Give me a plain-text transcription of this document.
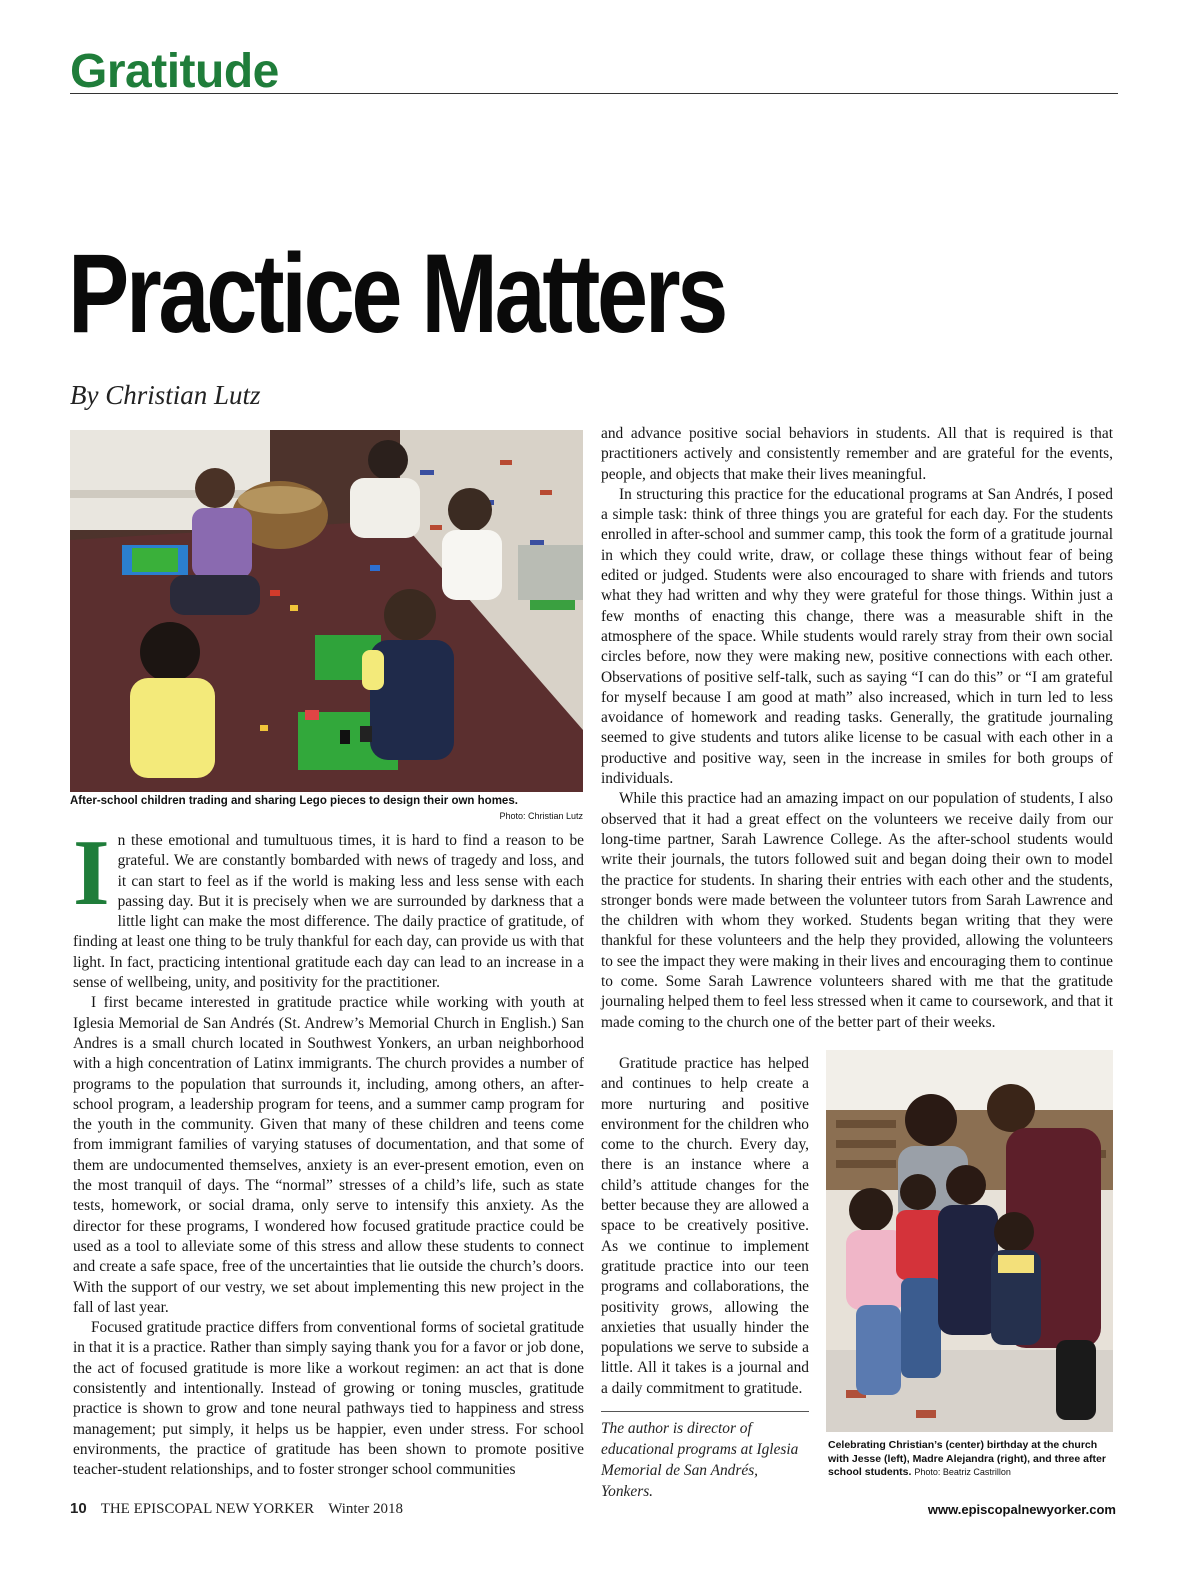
Gratitude
Practice Matters
By Christian Lutz
After-school children trading and sharing Lego pieces to design their own homes.
Photo: Christian Lutz

In these emotional and tumultuous times, it is hard to find a reason to be grateful. We are constantly bombarded with news of tragedy and loss, and it can start to feel as if the world is making less and less sense with each passing day. But it is precisely when we are surrounded by darkness that a little light can make the most difference. The daily practice of gratitude, of finding at least one thing to be truly thankful for each day, can provide us with that light. In fact, practicing intentional gratitude each day can lead to an increase in a sense of wellbeing, unity, and positivity for the practitioner.

I first became interested in gratitude practice while working with youth at Iglesia Memorial de San Andrés (St. Andrew’s Memorial Church in English.) San Andres is a small church located in Southwest Yonkers, an urban neighborhood with a high concentration of Latinx immigrants. The church provides a number of programs to the population that surrounds it, including, among others, an after-school program, a leadership program for teens, and a summer camp program for the youth in the community. Given that many of these children and teens come from immigrant families of varying statuses of documentation, and that some of them are undocumented themselves, anxiety is an ever-present emotion, even on the most tranquil of days. The “normal” stresses of a child’s life, such as state tests, homework, or social drama, only serve to intensify this anxiety. As the director for these programs, I wondered how focused gratitude practice could be used as a tool to alleviate some of this stress and allow these students to connect and create a safe space, free of the uncertainties that lie outside the church’s doors. With the support of our vestry, we set about implementing this new project in the fall of last year.

Focused gratitude practice differs from conventional forms of societal gratitude in that it is a practice. Rather than simply saying thank you for a favor or job done, the act of focused gratitude is more like a workout regimen: an act that is done consistently and intentionally. Instead of growing or toning muscles, gratitude practice is shown to grow and tone neural pathways tied to happiness and stress management; put simply, it helps us be happier, even under stress. For school environments, the practice of gratitude has been shown to promote positive teacher-student relationships, and to foster stronger school communities

and advance positive social behaviors in students. All that is required is that practitioners actively and consistently remember and are grateful for the events, people, and objects that make their lives meaningful.

In structuring this practice for the educational programs at San Andrés, I posed a simple task: think of three things you are grateful for each day. For the students enrolled in after-school and summer camp, this took the form of a gratitude journal in which they could write, draw, or collage these things without fear of being edited or judged. Students were also encouraged to share with friends and tutors what they had written and why they were grateful for those things. Within just a few months of enacting this change, there was a measurable shift in the atmosphere of the space. While students would rarely stray from their own social circles before, now they were making new, positive connections with each other. Observations of positive self-talk, such as saying “I can do this” or “I am grateful for myself because I am good at math” also increased, which in turn led to less avoidance of homework and reading tasks. Generally, the gratitude journaling seemed to give students and tutors alike license to be casual with each other in a productive and positive way, seen in the increase in smiles for both groups of individuals.

While this practice had an amazing impact on our population of students, I also observed that it had a great effect on the volunteers we receive daily from our long-time partner, Sarah Lawrence College. As the after-school students would write their journals, the tutors followed suit and began doing their own to model the practice for students. In sharing their entries with each other and the students, stronger bonds were made between the volunteer tutors from Sarah Lawrence and the children with whom they worked. Students began writing that they were thankful for these volunteers and the help they provided, allowing the volunteers to see the impact they were making in their lives and encouraging them to continue to come. Some Sarah Lawrence volunteers shared with me that the gratitude journaling helped them to feel less stressed when it came to coursework, and that it made coming to the church one of the better part of their weeks.

Gratitude practice has helped and continues to help create a more nurturing and positive environment for the children who come to the church. Every day, there is an instance where a child’s attitude changes for the better because they are allowed a space to be creatively positive. As we continue to implement gratitude practice into our teen programs and collaborations, the positivity grows, allowing the anxieties that usually hinder the populations we serve to subside a little. All it takes is a journal and a daily commitment to gratitude.

Celebrating Christian’s (center) birthday at the church with Jesse (left), Madre Alejandra (right), and three after school students. Photo: Beatriz Castrillon
The author is director of educational programs at Iglesia Memorial de San Andrés, Yonkers.
10 THE EPISCOPAL NEW YORKER Winter 2018	www.episcopalnewyorker.com
